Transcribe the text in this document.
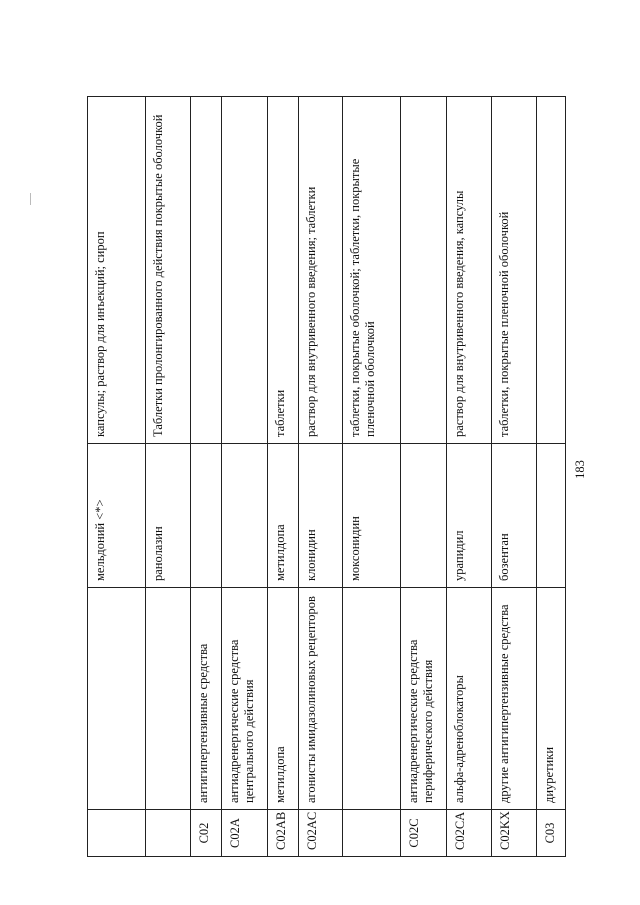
		мельдоний <*>	капсулы; раствор для инъекций; сироп
		ранолазин	Таблетки пролонгированного действия покрытые оболочкой
C02	антигипертензивные средства		
C02A	антиадренергические средства центрального действия		
C02AB	метилдопа	метилдопа	таблетки
C02AC	агонисты имидазолиновых рецепторов	клонидин	раствор для внутривенного введения; таблетки
		моксонидин	таблетки, покрытые оболочкой; таблетки, покрытые пленочной оболочкой
C02C	антиадренергические средства периферического действия		
C02CA	альфа-адреноблокаторы	урапидил	раствор для внутривенного введения, капсулы
C02KX	другие антигипертензивные средства	бозентан	таблетки, покрытые пленочной оболочкой
C03	диуретики		
183
